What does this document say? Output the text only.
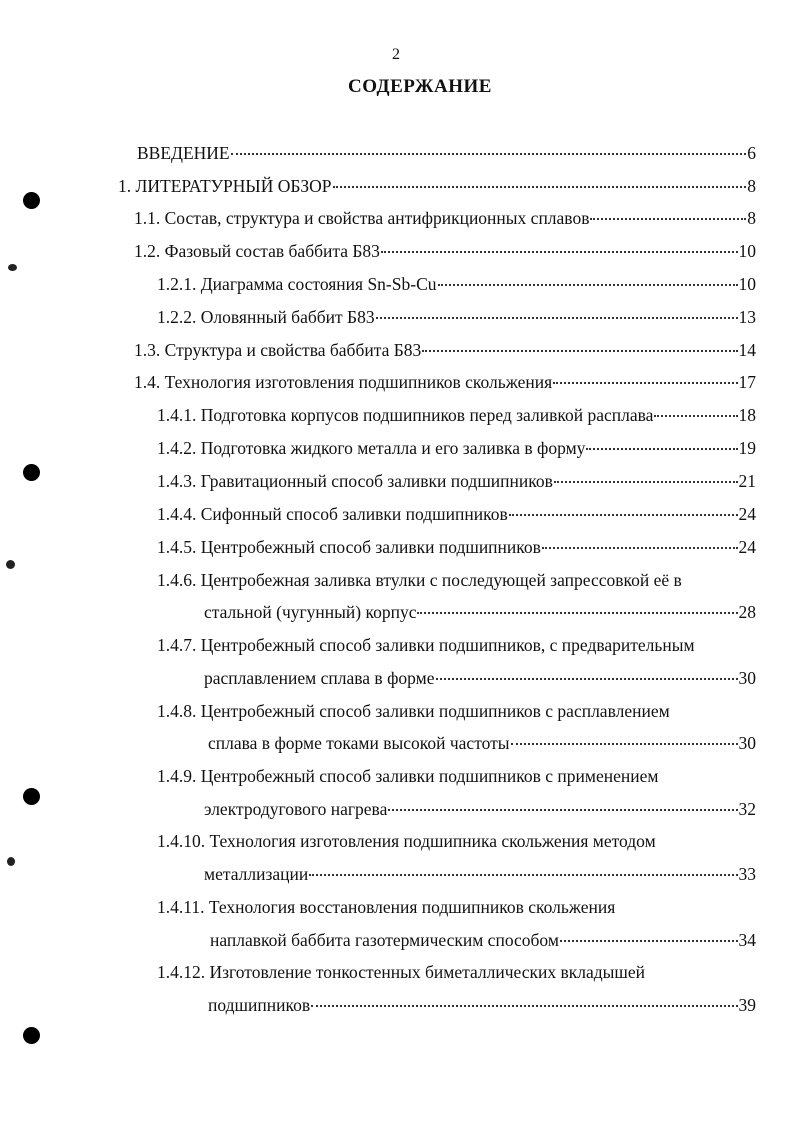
2
СОДЕРЖАНИЕ
ВВЕДЕНИЕ	6
1. ЛИТЕРАТУРНЫЙ ОБЗОР	8
1.1. Состав, структура и свойства антифрикционных сплавов	8
1.2. Фазовый состав баббита Б83	10
1.2.1. Диаграмма состояния Sn-Sb-Cu	10
1.2.2. Оловянный баббит Б83	13
1.3. Структура и свойства баббита Б83	14
1.4. Технология изготовления подшипников скольжения	17
1.4.1. Подготовка корпусов подшипников перед заливкой расплава	18
1.4.2. Подготовка жидкого металла и его заливка в форму	19
1.4.3. Гравитационный способ заливки подшипников	21
1.4.4. Сифонный способ заливки подшипников	24
1.4.5. Центробежный способ заливки подшипников	24
1.4.6. Центробежная заливка втулки с последующей запрессовкой её в
стальной (чугунный) корпус	28
1.4.7. Центробежный способ заливки подшипников, с предварительным
расплавлением сплава в форме	30
1.4.8. Центробежный способ заливки подшипников с расплавлением
сплава в форме токами высокой частоты	30
1.4.9. Центробежный способ заливки подшипников с применением
электродугового нагрева	32
1.4.10. Технология изготовления подшипника скольжения методом
металлизации	33
1.4.11. Технология восстановления подшипников скольжения
наплавкой баббита газотермическим способом	34
1.4.12. Изготовление тонкостенных биметаллических вкладышей
подшипников	39
